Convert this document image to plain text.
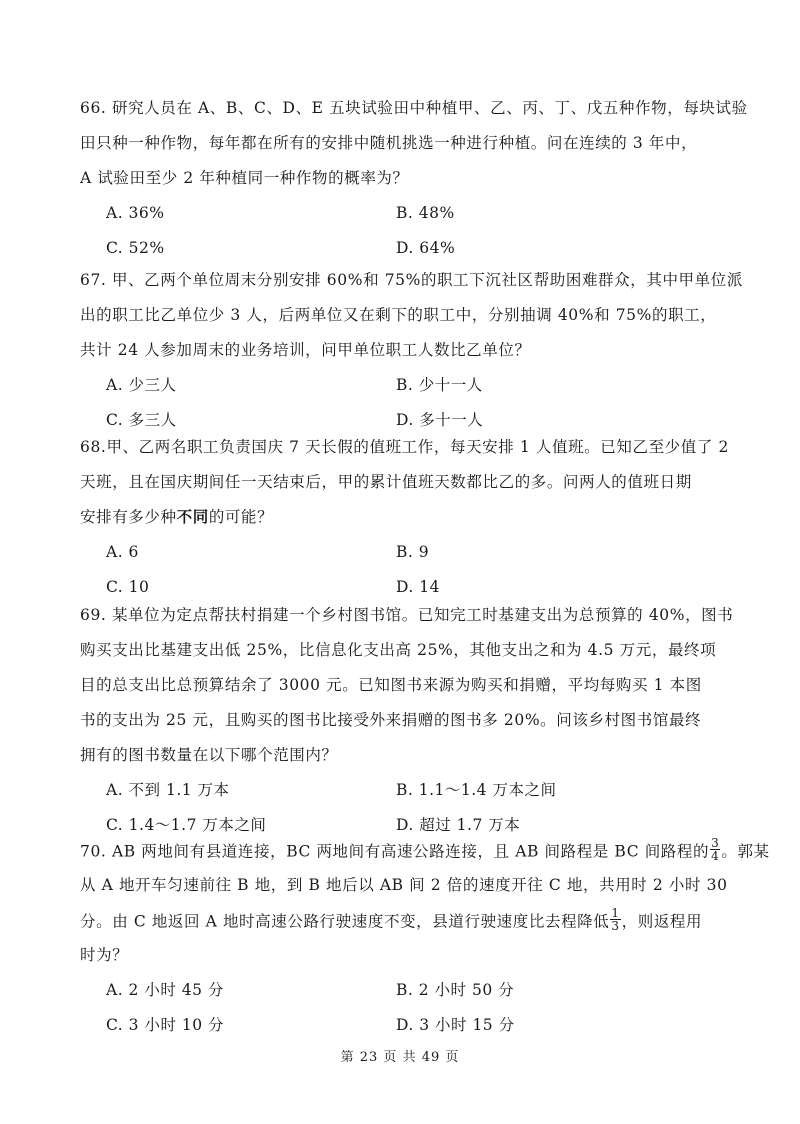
66. 研究人员在 A、B、C、D、E 五块试验田中种植甲、乙、丙、丁、戊五种作物，每块试验
田只种一种作物，每年都在所有的安排中随机挑选一种进行种植。问在连续的 3 年中，
A 试验田至少 2 年种植同一种作物的概率为？
A. 36%	B. 48%
C. 52%	D. 64%
67. 甲、乙两个单位周末分别安排 60%和 75%的职工下沉社区帮助困难群众，其中甲单位派
出的职工比乙单位少 3 人，后两单位又在剩下的职工中，分别抽调 40%和 75%的职工，
共计 24 人参加周末的业务培训，问甲单位职工人数比乙单位？
A. 少三人	B. 少十一人
C. 多三人	D. 多十一人
68.甲、乙两名职工负责国庆 7 天长假的值班工作，每天安排 1 人值班。已知乙至少值了 2
天班，且在国庆期间任一天结束后，甲的累计值班天数都比乙的多。问两人的值班日期
安排有多少种不同的可能？
A. 6	B. 9
C. 10	D. 14
69. 某单位为定点帮扶村捐建一个乡村图书馆。已知完工时基建支出为总预算的 40%，图书
购买支出比基建支出低 25%，比信息化支出高 25%，其他支出之和为 4.5 万元，最终项
目的总支出比总预算结余了 3000 元。已知图书来源为购买和捐赠，平均每购买 1 本图
书的支出为 25 元，且购买的图书比接受外来捐赠的图书多 20%。问该乡村图书馆最终
拥有的图书数量在以下哪个范围内？
A. 不到 1.1 万本	B. 1.1～1.4 万本之间
C. 1.4～1.7 万本之间	D. 超过 1.7 万本
70. AB 两地间有县道连接，BC 两地间有高速公路连接，且 AB 间路程是 BC 间路程的 $\frac{3}{4}$ 。郭某
从 A 地开车匀速前往 B 地，到 B 地后以 AB 间 2 倍的速度开往 C 地，共用时 2 小时 30
分。由 C 地返回 A 地时高速公路行驶速度不变，县道行驶速度比去程降低 $\frac{1}{3}$ ，则返程用
时为？
A. 2 小时 45 分	B. 2 小时 50 分
C. 3 小时 10 分	D. 3 小时 15 分
第 23 页 共 49 页
